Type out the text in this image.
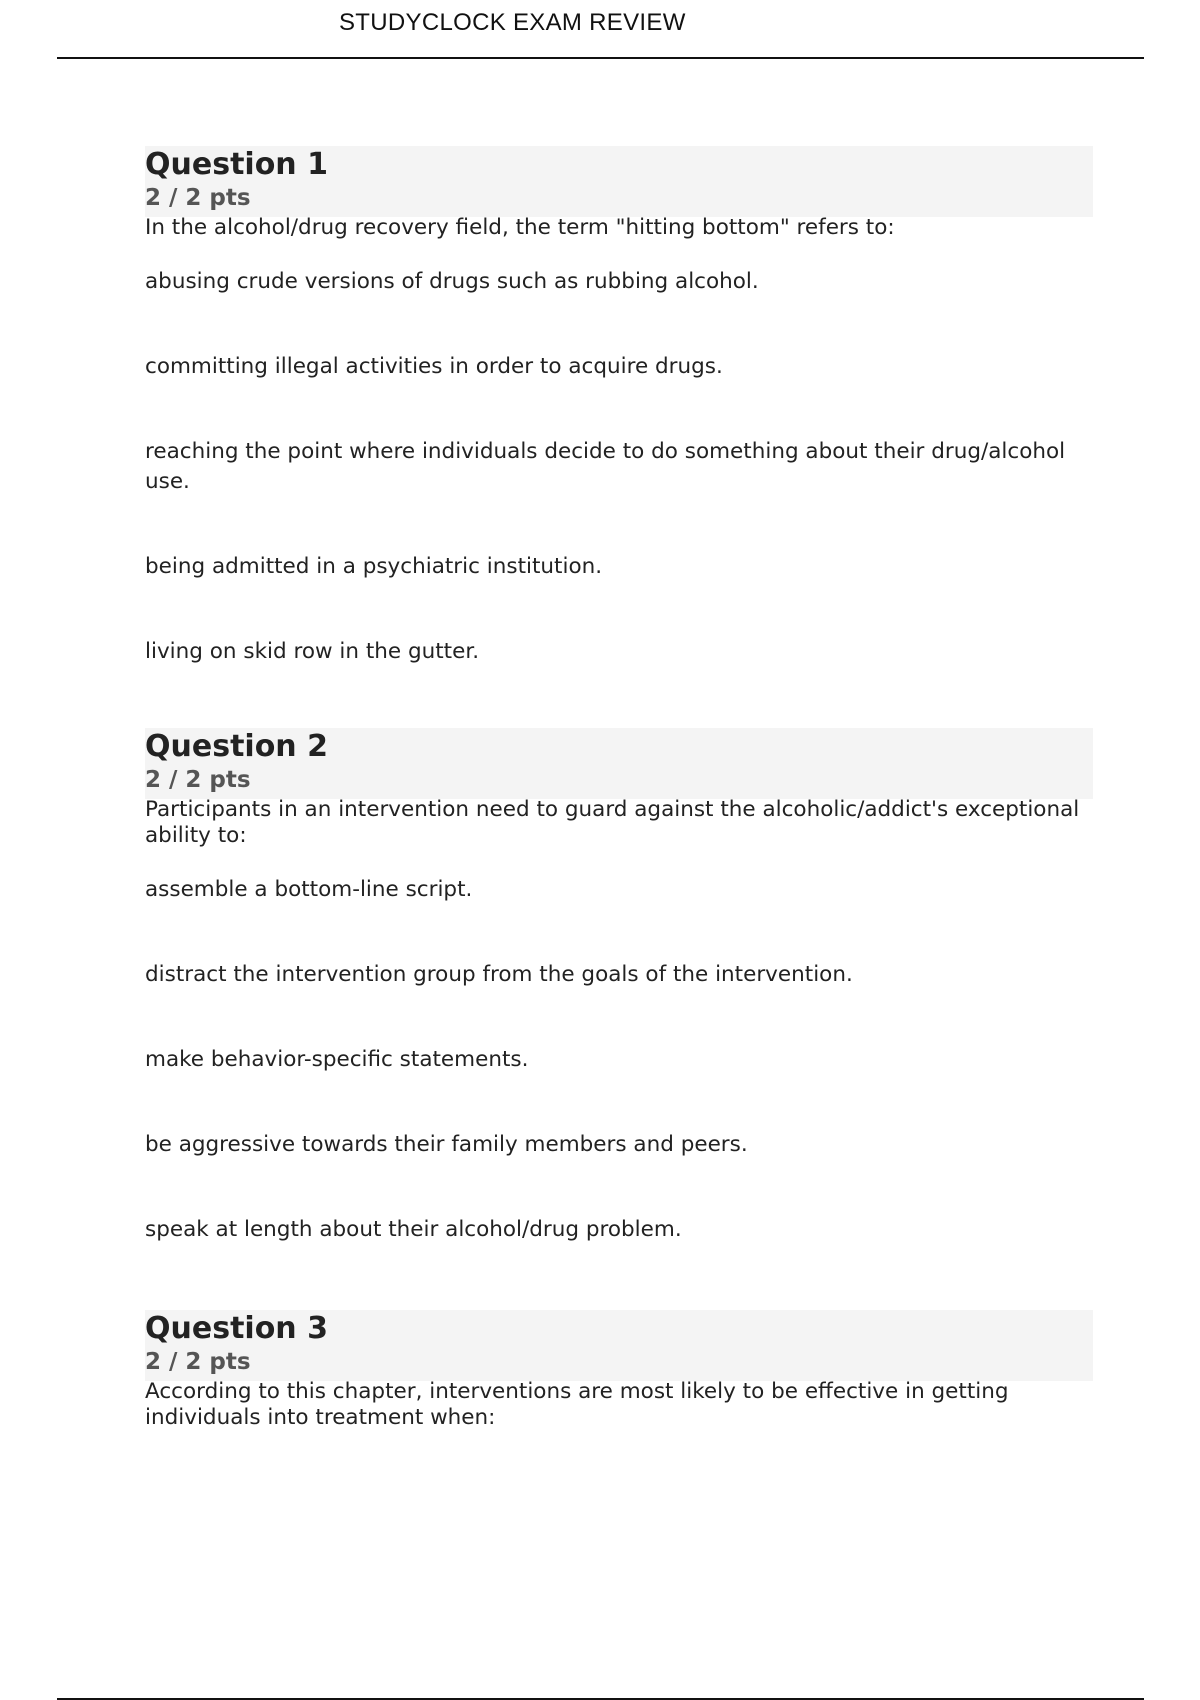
STUDYCLOCK EXAM REVIEW
Question 1
2 / 2 pts
In the alcohol/drug recovery field, the term "hitting bottom" refers to:
abusing crude versions of drugs such as rubbing alcohol.
committing illegal activities in order to acquire drugs.
reaching the point where individuals decide to do something about their drug/alcohol use.
being admitted in a psychiatric institution.
living on skid row in the gutter.
Question 2
2 / 2 pts
Participants in an intervention need to guard against the alcoholic/addict's exceptional ability to:
assemble a bottom-line script.
distract the intervention group from the goals of the intervention.
make behavior-specific statements.
be aggressive towards their family members and peers.
speak at length about their alcohol/drug problem.
Question 3
2 / 2 pts
According to this chapter, interventions are most likely to be effective in getting individuals into treatment when:
